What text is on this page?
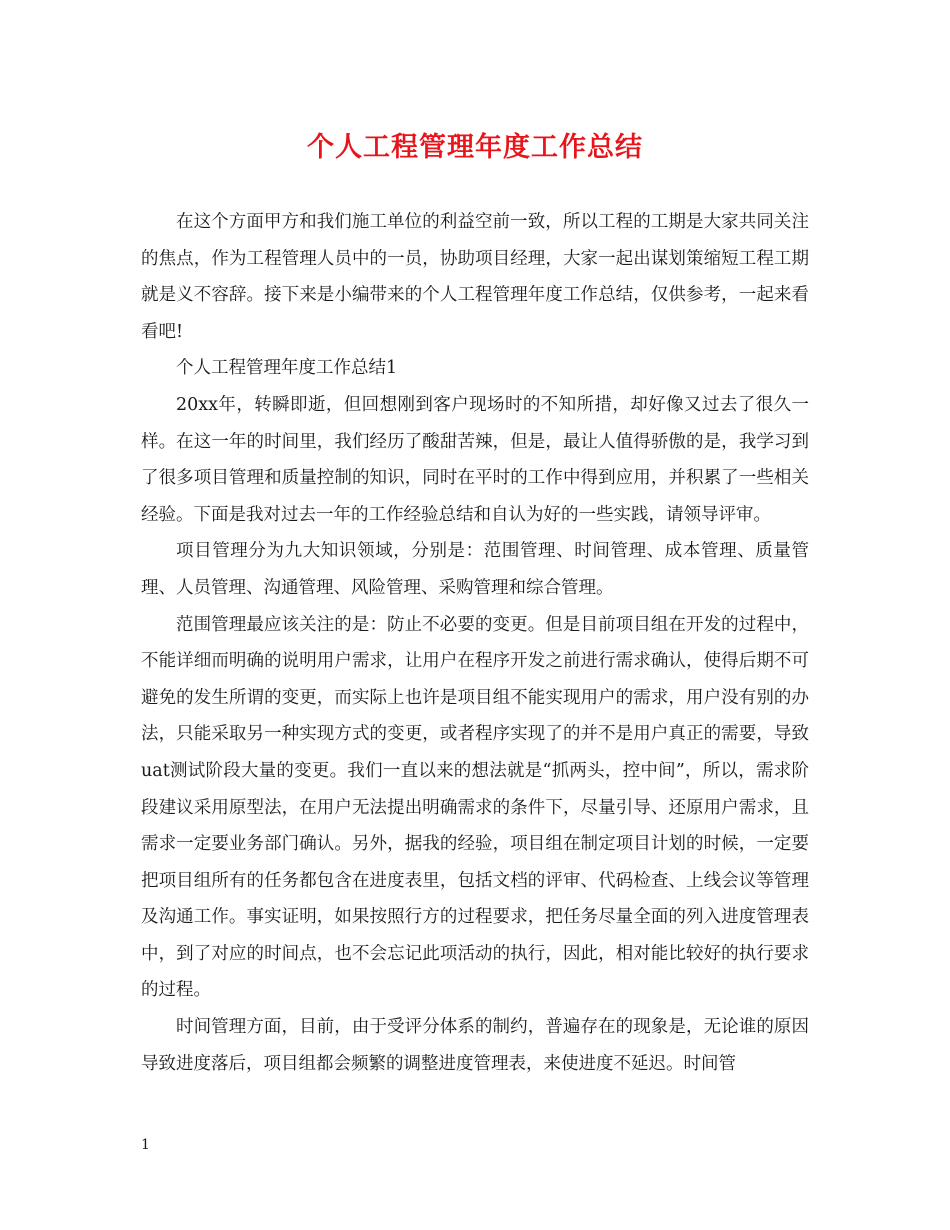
个人工程管理年度工作总结

在这个方面甲方和我们施工单位的利益空前一致，所以工程的工期是大家共同关注的焦点，作为工程管理人员中的一员，协助项目经理，大家一起出谋划策缩短工程工期就是义不容辞。接下来是小编带来的个人工程管理年度工作总结，仅供参考，一起来看看吧!

个人工程管理年度工作总结1

20xx年，转瞬即逝，但回想刚到客户现场时的不知所措，却好像又过去了很久一样。在这一年的时间里，我们经历了酸甜苦辣，但是，最让人值得骄傲的是，我学习到了很多项目管理和质量控制的知识，同时在平时的工作中得到应用，并积累了一些相关经验。下面是我对过去一年的工作经验总结和自认为好的一些实践，请领导评审。

项目管理分为九大知识领域，分别是：范围管理、时间管理、成本管理、质量管理、人员管理、沟通管理、风险管理、采购管理和综合管理。

范围管理最应该关注的是：防止不必要的变更。但是目前项目组在开发的过程中，不能详细而明确的说明用户需求，让用户在程序开发之前进行需求确认，使得后期不可避免的发生所谓的变更，而实际上也许是项目组不能实现用户的需求，用户没有别的办法，只能采取另一种实现方式的变更，或者程序实现了的并不是用户真正的需要，导致uat测试阶段大量的变更。我们一直以来的想法就是“抓两头，控中间”，所以，需求阶段建议采用原型法，在用户无法提出明确需求的条件下，尽量引导、还原用户需求，且需求一定要业务部门确认。另外，据我的经验，项目组在制定项目计划的时候，一定要把项目组所有的任务都包含在进度表里，包括文档的评审、代码检查、上线会议等管理及沟通工作。事实证明，如果按照行方的过程要求，把任务尽量全面的列入进度管理表中，到了对应的时间点，也不会忘记此项活动的执行，因此，相对能比较好的执行要求的过程。

时间管理方面，目前，由于受评分体系的制约，普遍存在的现象是，无论谁的原因导致进度落后，项目组都会频繁的调整进度管理表，来使进度不延迟。时间管

1
